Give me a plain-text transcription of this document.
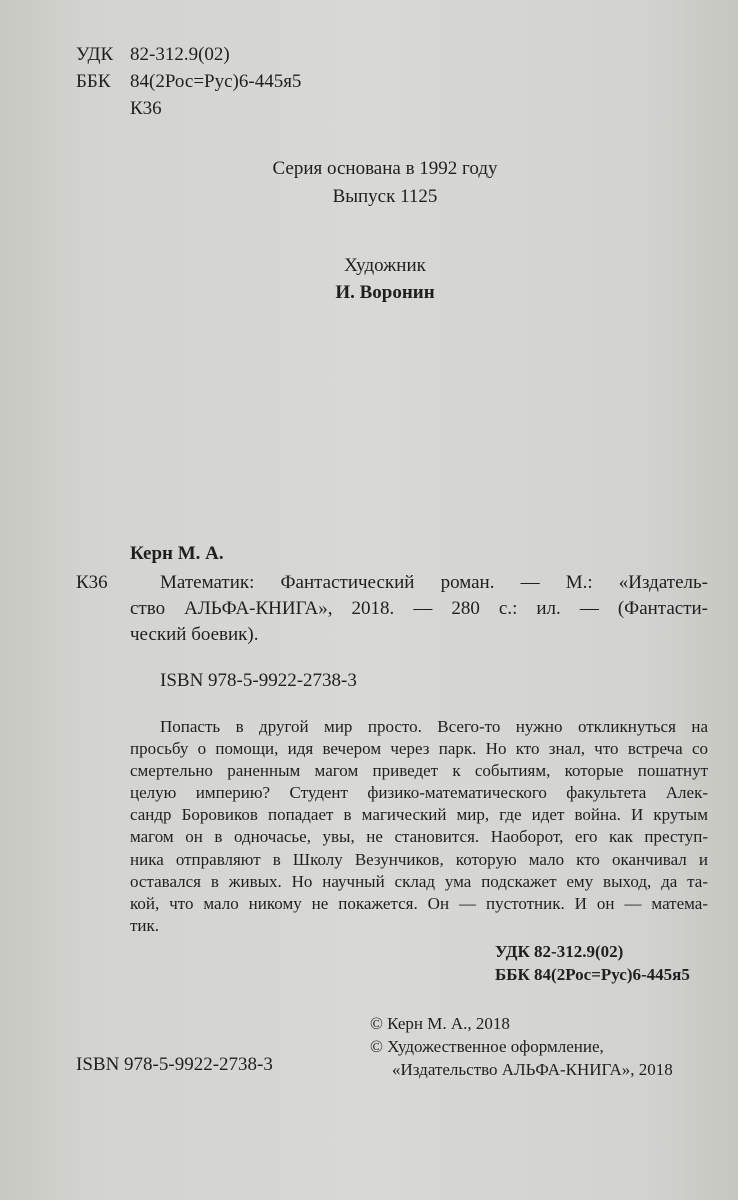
УДК 82-312.9(02)
ББК 84(2Рос=Рус)6-445я5
К36
Серия основана в 1992 году
Выпуск 1125
Художник
И. Воронин
Керн М. А.
К36	Математик: Фантастический роман. — М.: «Издатель-
ство АЛЬФА-КНИГА», 2018. — 280 с.: ил. — (Фантасти-
ческий боевик).
ISBN 978-5-9922-2738-3
Попасть в другой мир просто. Всего-то нужно откликнуться на
просьбу о помощи, идя вечером через парк. Но кто знал, что встреча со
смертельно раненным магом приведет к событиям, которые пошатнут
целую империю? Студент физико-математического факультета Алек-
сандр Боровиков попадает в магический мир, где идет война. И крутым
магом он в одночасье, увы, не становится. Наоборот, его как преступ-
ника отправляют в Школу Везунчиков, которую мало кто оканчивал и
оставался в живых. Но научный склад ума подскажет ему выход, да та-
кой, что мало никому не покажется. Он — пустотник. И он — матема-
тик.
УДК 82-312.9(02)
ББК 84(2Рос=Рус)6-445я5
© Керн М. А., 2018
© Художественное оформление,
«Издательство АЛЬФА-КНИГА», 2018
ISBN 978-5-9922-2738-3
